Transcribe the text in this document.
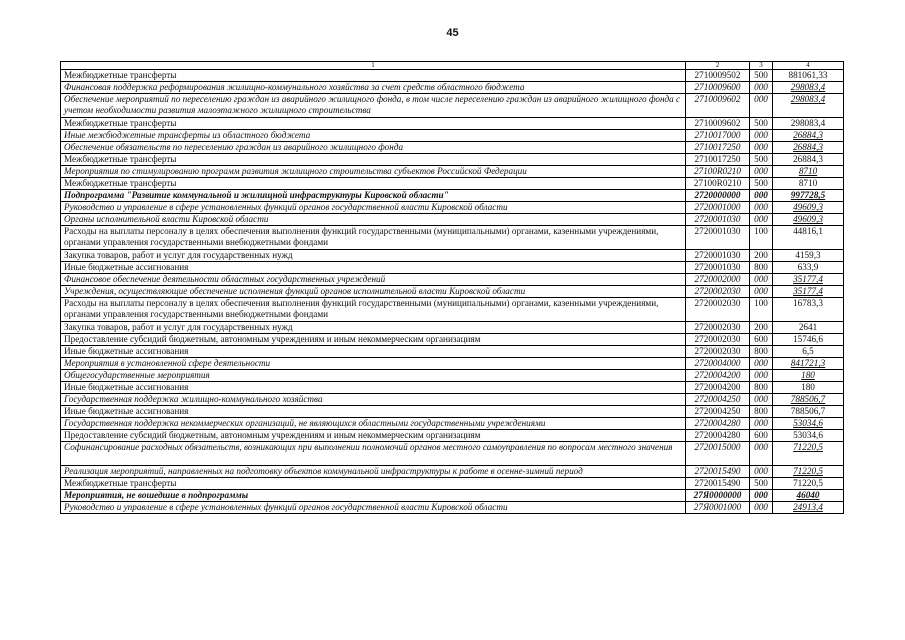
45
1	2	3	4
Межбюджетные трансферты	2710009502	500	881061,33
Финансовая поддержка реформирования жилищно-коммунального хозяйства за счет средств областного бюджета	2710009600	000	298083,4
Обеспечение мероприятий по переселению граждан из аварийного жилищного фонда, в том числе переселению граждан из аварийного жилищного фонда с учетом необходимости развития малоэтажного жилищного строительства	2710009602	000	298083,4
Межбюджетные трансферты	2710009602	500	298083,4
Иные межбюджетные трансферты из областного бюджета	2710017000	000	26884,3
Обеспечение обязательств по переселению граждан из аварийного жилищного фонда	2710017250	000	26884,3
Межбюджетные трансферты	2710017250	500	26884,3
Мероприятия по стимулированию программ развития жилищного строительства субъектов Российской Федерации	27100R0210	000	8710
Межбюджетные трансферты	27100R0210	500	8710
Подпрограмма "Развитие коммунальной и жилищной инфраструктуры Кировской области"	2720000000	000	997728,5
Руководство и управление в сфере установленных функций органов государственной власти Кировской области	2720001000	000	49609,3
Органы исполнительной власти Кировской области	2720001030	000	49609,3
Расходы на выплаты персоналу в целях обеспечения выполнения функций государственными (муниципальными) органами, казенными учреждениями, органами управления государственными внебюджетными фондами	2720001030	100	44816,1
Закупка товаров, работ и услуг для государственных нужд	2720001030	200	4159,3
Иные бюджетные ассигнования	2720001030	800	633,9
Финансовое обеспечение деятельности областных государственных учреждений	2720002000	000	35177,4
Учреждения, осуществляющие обеспечение исполнения функций органов исполнительной власти Кировской области	2720002030	000	35177,4
Расходы на выплаты персоналу в целях обеспечения выполнения функций государственными (муниципальными) органами, казенными учреждениями, органами управления государственными внебюджетными фондами	2720002030	100	16783,3
Закупка товаров, работ и услуг для государственных нужд	2720002030	200	2641
Предоставление субсидий бюджетным, автономным учреждениям и иным некоммерческим организациям	2720002030	600	15746,6
Иные бюджетные ассигнования	2720002030	800	6,5
Мероприятия в установленной сфере деятельности	2720004000	000	841721,3
Общегосударственные мероприятия	2720004200	000	180
Иные бюджетные ассигнования	2720004200	800	180
Государственная поддержка жилищно-коммунального хозяйства	2720004250	000	788506,7
Иные бюджетные ассигнования	2720004250	800	788506,7
Государственная поддержка некоммерческих организаций, не являющихся областными государственными учреждениями	2720004280	000	53034,6
Предоставление субсидий бюджетным, автономным учреждениям и иным некоммерческим организациям	2720004280	600	53034,6
Софинансирование расходных обязательств, возникающих при выполнении полномочий органов местного самоуправления по вопросам местного значения	2720015000	000	71220,5
Реализация мероприятий, направленных на подготовку объектов коммунальной инфраструктуры к работе в осенне-зимний период	2720015490	000	71220,5
Межбюджетные трансферты	2720015490	500	71220,5
Мероприятия, не вошедшие в подпрограммы	27Я0000000	000	46040
Руководство и управление в сфере установленных функций органов государственной власти Кировской области	27Я0001000	000	24913,4
